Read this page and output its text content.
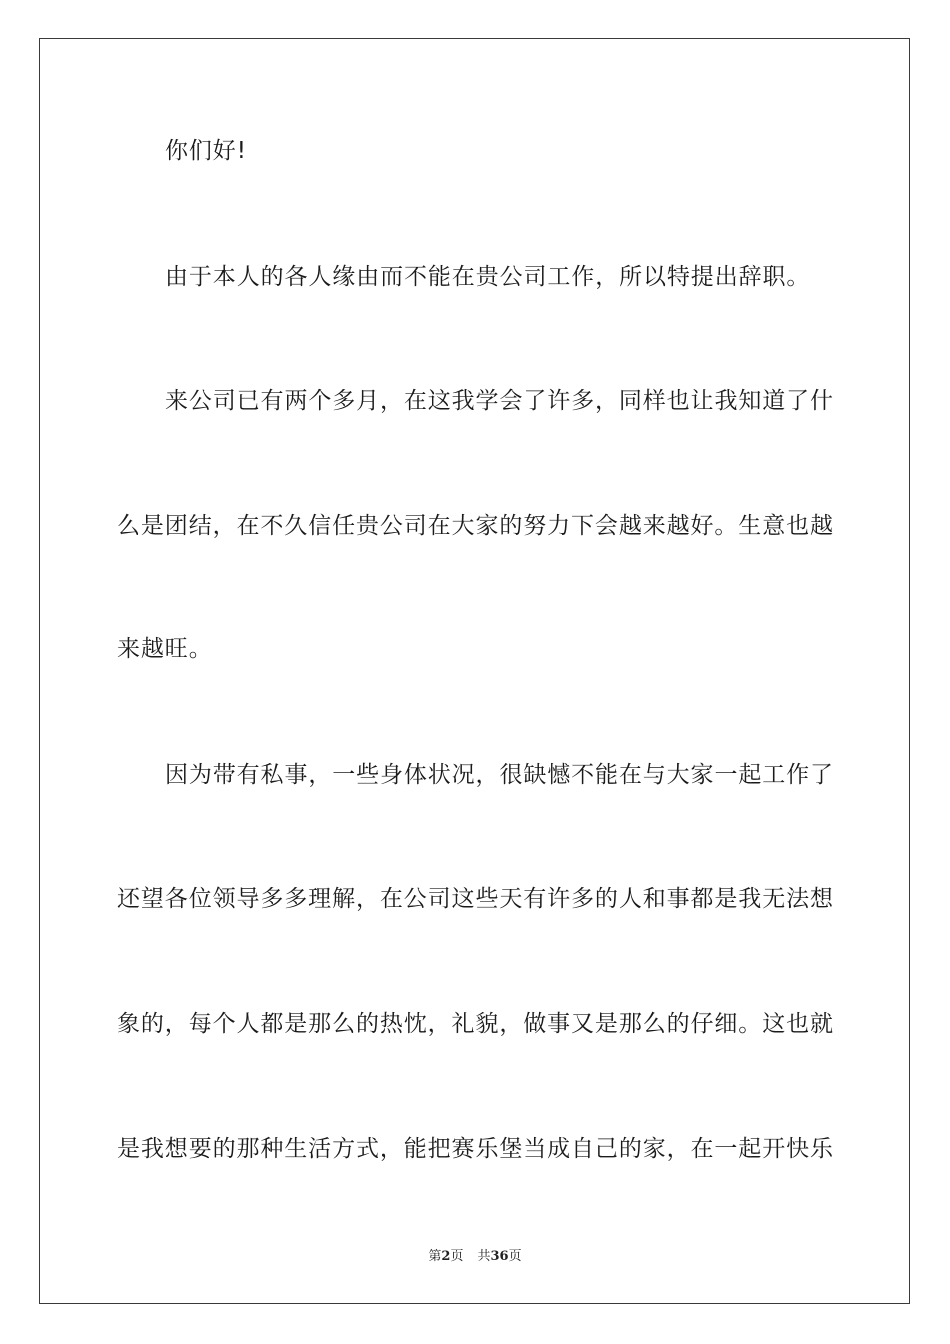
你们好!
由于本人的各人缘由而不能在贵公司工作，所以特提出辞职。
来公司已有两个多月，在这我学会了许多，同样也让我知道了什
么是团结，在不久信任贵公司在大家的努力下会越来越好。生意也越
来越旺。
因为带有私事，一些身体状况，很缺憾不能在与大家一起工作了
还望各位领导多多理解，在公司这些天有许多的人和事都是我无法想
象的，每个人都是那么的热忱，礼貌，做事又是那么的仔细。这也就
是我想要的那种生活方式，能把赛乐堡当成自己的家，在一起开快乐
第2页 共36页
